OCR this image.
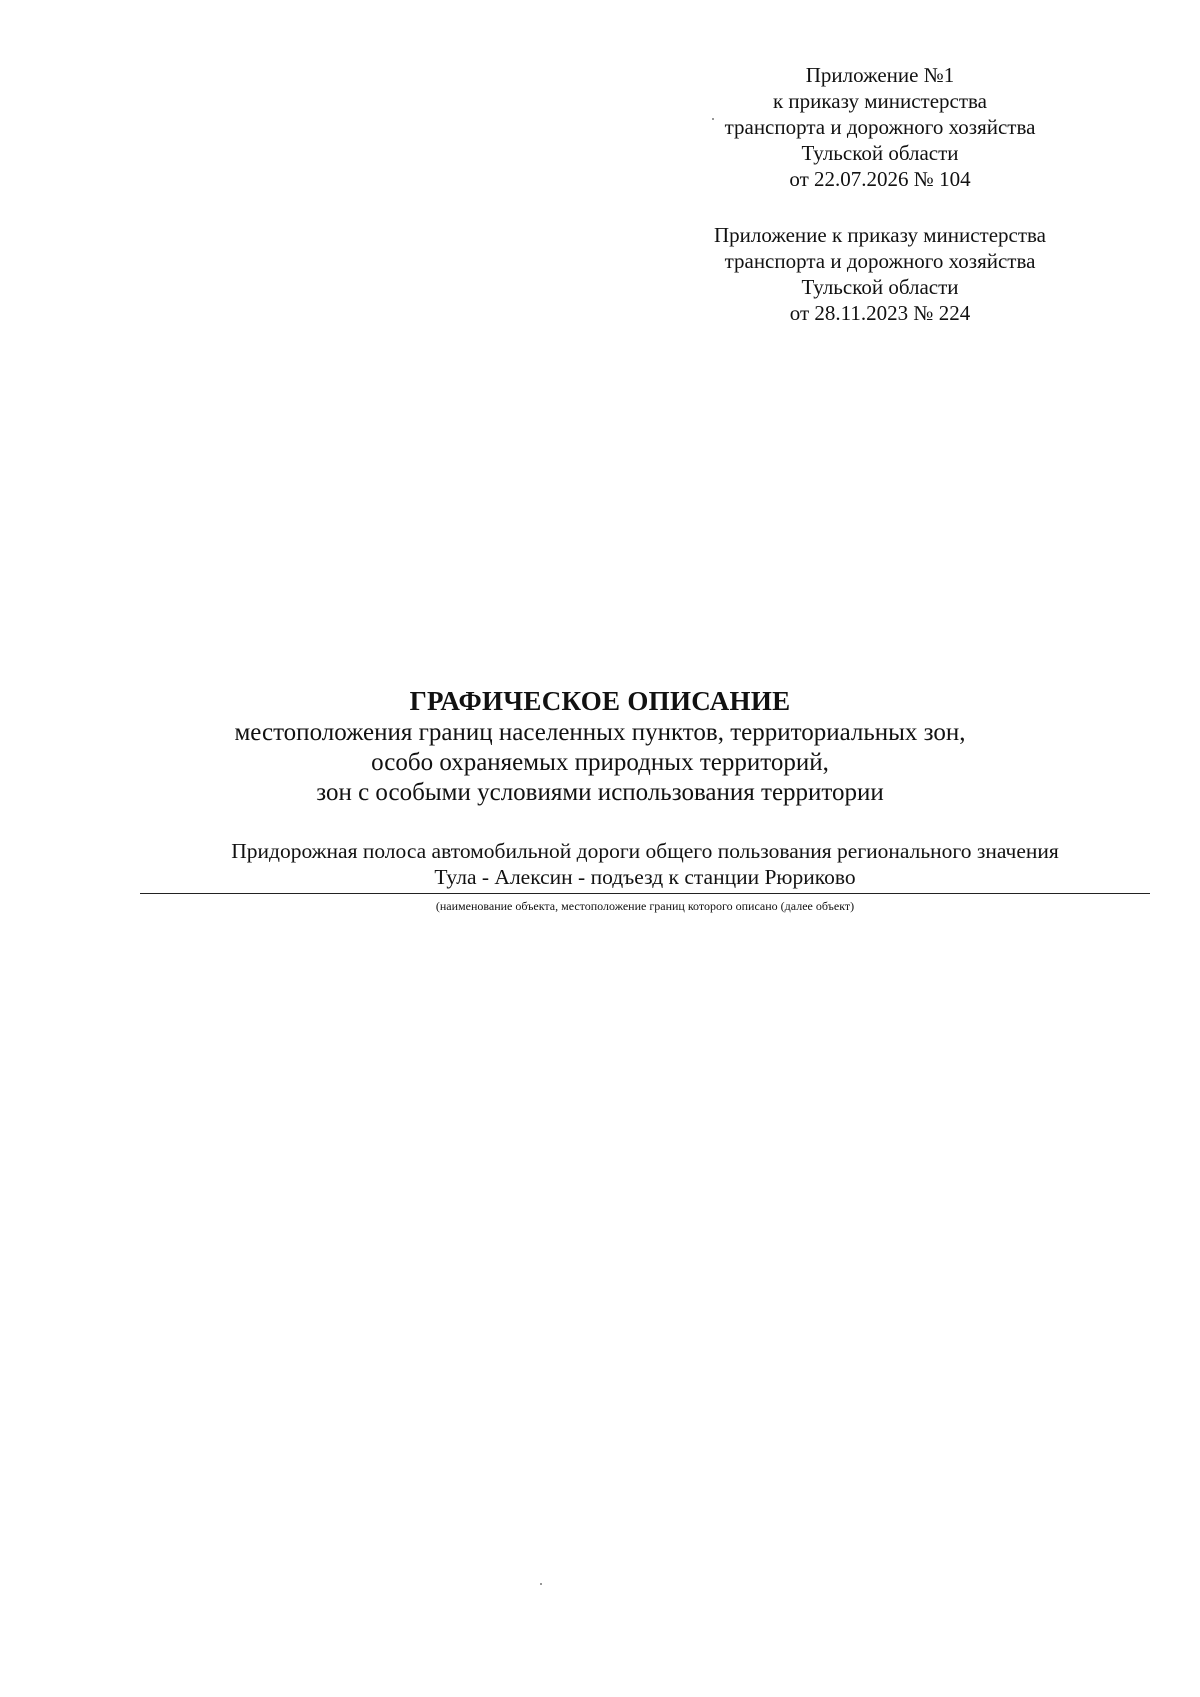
Приложение №1

к приказу министерства

транспорта и дорожного хозяйства

Тульской области

от 22.07.2026 № 104

Приложение к приказу министерства

транспорта и дорожного хозяйства

Тульской области

от 28.11.2023 № 224

ГРАФИЧЕСКОЕ ОПИСАНИЕ

местоположения границ населенных пунктов, территориальных зон,

особо охраняемых природных территорий,

зон с особыми условиями использования территории

Придорожная полоса автомобильной дороги общего пользования регионального значения

Тула - Алексин - подъезд к станции Рюриково

(наименование объекта, местоположение границ которого описано (далее объект)
